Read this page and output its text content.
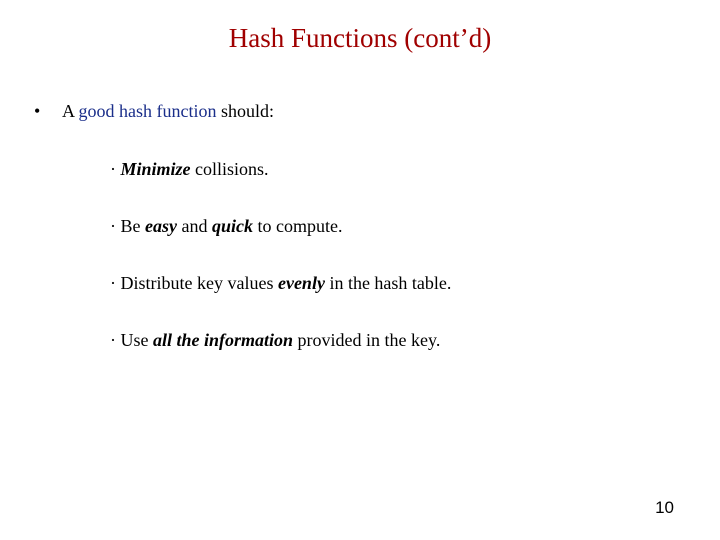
Hash Functions (cont’d)
• A good hash function should:
· Minimize collisions.
· Be easy and quick to compute.
· Distribute key values evenly in the hash table.
· Use all the information provided in the key.
10
